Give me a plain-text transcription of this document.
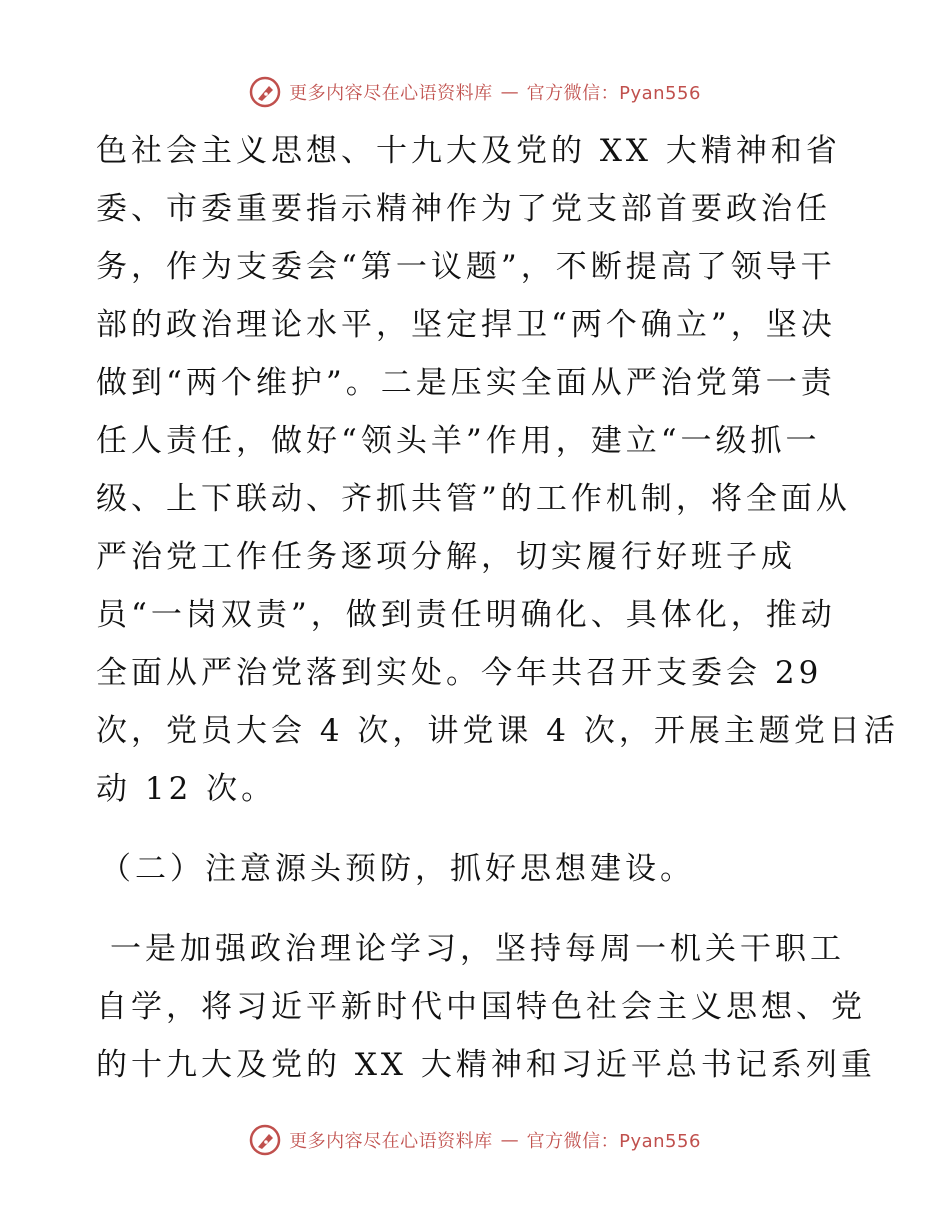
更多内容尽在心语资料库 — 官方微信：Pyan556
色社会主义思想、十九大及党的 XX 大精神和省
委、市委重要指示精神作为了党支部首要政治任
务，作为支委会“第一议题”，不断提高了领导干
部的政治理论水平，坚定捍卫“两个确立”，坚决
做到“两个维护”。二是压实全面从严治党第一责
任人责任，做好“领头羊”作用，建立“一级抓一
级、上下联动、齐抓共管”的工作机制，将全面从
严治党工作任务逐项分解，切实履行好班子成
员“一岗双责”，做到责任明确化、具体化，推动
全面从严治党落到实处。今年共召开支委会 29
次，党员大会 4 次，讲党课 4 次，开展主题党日活
动 12 次。
（二）注意源头预防，抓好思想建设。
一是加强政治理论学习，坚持每周一机关干职工
自学，将习近平新时代中国特色社会主义思想、党
的十九大及党的 XX 大精神和习近平总书记系列重
更多内容尽在心语资料库 — 官方微信：Pyan556
